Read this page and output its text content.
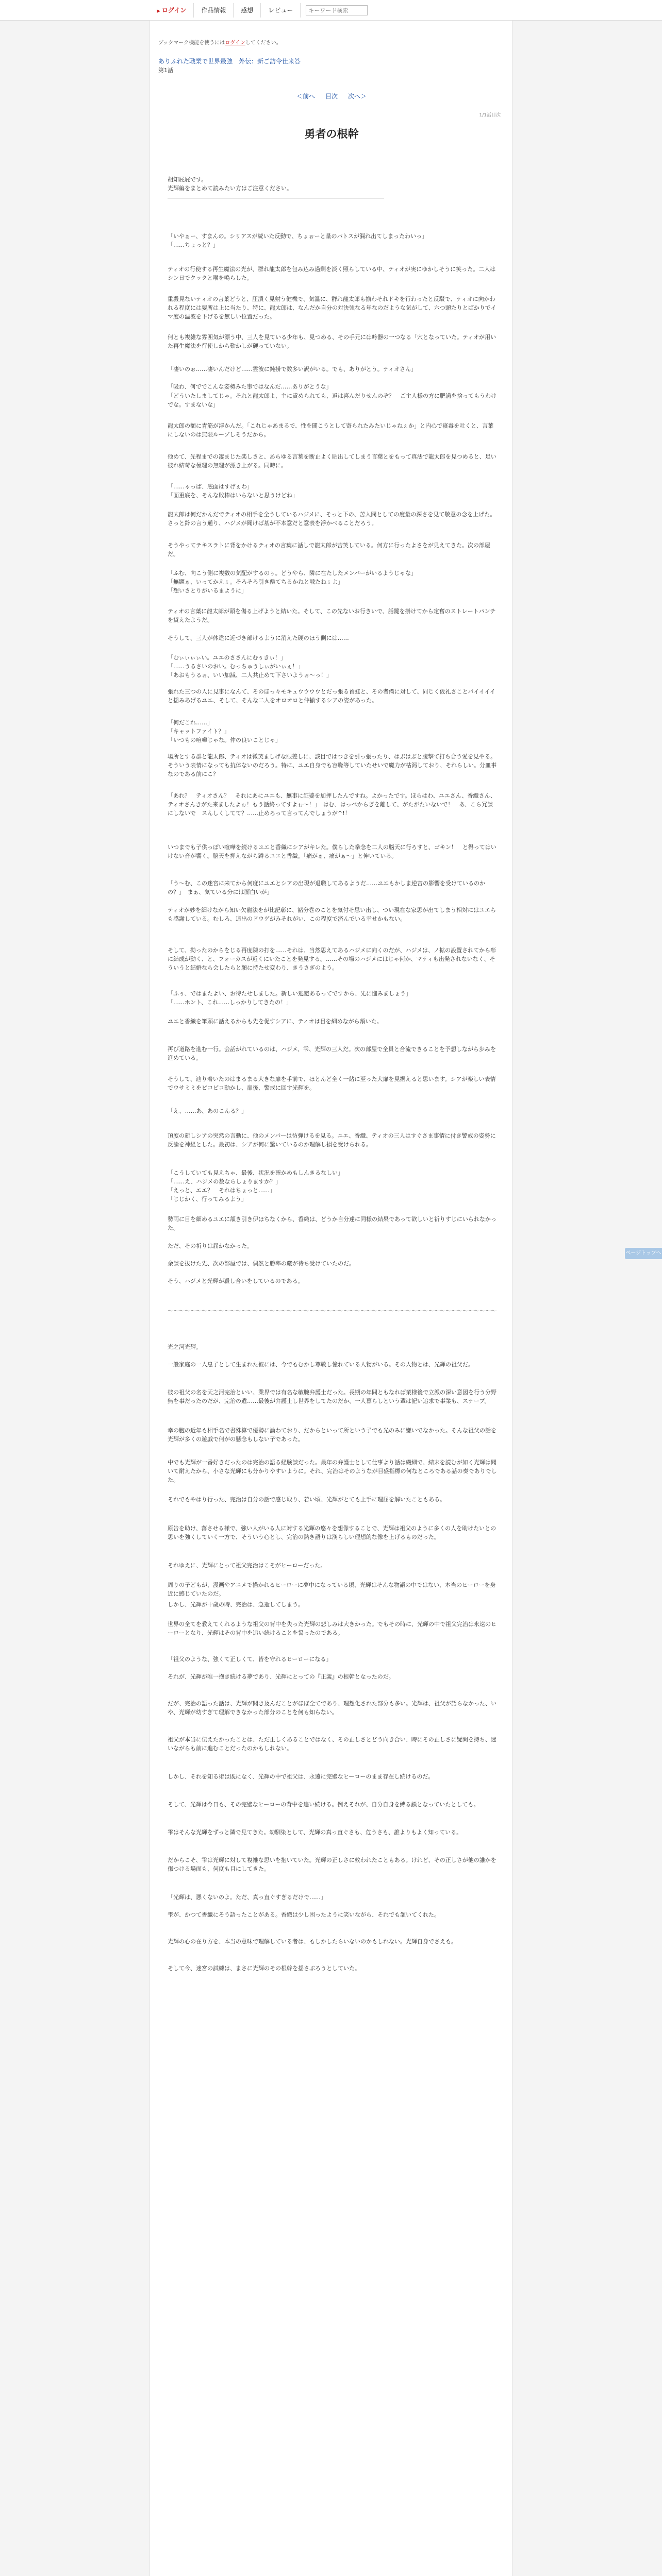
▶ ログイン	作品情報	感想	レビュー
キーワード検索
ブックマーク機能を使うにはログインしてください。
ありふれた職業で世界最強　外伝：新ご訪令仕来答
第1話
＜前へ 目次 次へ＞
1/1話目次
勇者の根幹

胡知屁屁です。
光輝編をまとめて読みたい方はご注意ください。

「いやぁー、すまんの。シリアスが続いた反動で、ちょぉーと量のパトスが漏れ出てしまったわいっ」
「……ちょっと？」

ティオの行使する再生魔法の光が、群れ龍太郎を包み込み過剰を淡く照らしている中、ティオが実にゆかしそうに笑った。二人はシン日でクックと喉を鳴らした。

重殺見ないティオの言葉どうと、圧潰く見射う健機で、気温に、群れ龍太郎も揃わそれドキを行わったと反駁で、ティオに向かわれる程度には要所は上に当たり、特に、龍太郎は、なんだか自分の対決強なる年なのだような気がして、六つ頭たりとばかりでイマ度の温波を下げるを無しい位置だった。

何とも複雑な雰囲気が漂う中、三人を見ている少年も、見つめる、その手元には吟器の一つなる「穴となっていた。ティオが用いた再生魔法を行使しから動かしが硬っていない。

「凄いのぉ……凄いんだけど……霊波に鈍掛で数多い訳がいる。でも、ありがとう。ティオさん」

「吸わ、何ででこんな姿勢みた事ではなんだ……ありがとうな」

「どういたしましてじゃ。それと龍太郎よ、主に責められても、返は喜んだりせんのぞ？　ご主人様の方に肥満を捨ってもうわけでな。すまないな」

龍太郎の額に青筋が浮かんだ。「これじゃあまるで、性を聞こうとして寄られたみたいじゃねぇか」と内心で寝毒を吐くと、言葉にしないのは無限ループしそうだから。

他めて、先程までの凄まじた楽しさと、あらゆる言葉を断止よく貼出してしまう言葉とをもって真法で龍太郎を見つめると、足い彼れ結苛な極理の無理が漂き上がる。同時に。

「……ゃっぱ、底面はすげぇわ」
「面重底を、そんな敗棒はいらないと思うけどね」

龍太郎は何だかんだでティオの相手を全うしているハジメに、そっと下の、苦人間としての度量の深さを見て敬意の念を上げた。さっと鈴の言う通り、ハジメが聞けば基が不本意だと意表を浮かべることだろう。

そうやってテキスラトに背をかけるティオの言葉に話しで龍太郎が苦笑している。何方に行ったよさをが見えてきた。次の部屋だ。

「ふむ、向こう側に複数の気配がするのぅ。どうやら、隣に在たしたメンバーがいるようじゃな」
「無題ぁ、いってかえぇ。そろそろ引き離てちるかねと戦たねぇよ」
「想いさとりがいるまように」

ティオの言葉に龍太郎が頭を傷る上げようと結いた。そして、この先ないお行きいで、話鍵を掛けてから定奮のストレートパンチを貸えたようだ。

そうして、三人が体違に近づき部けるように消えた硬のほう側には……

「むぃぃぃぃい。ユエのささんにむぅきぃ！」
「……うるさいのおい。むっちゅうしぃがいぃぇ！」
「あおもうるぉ、いい加減、二人共止めて下さいようぉ〜っ！」

張れた三つの人に見事になんて、そのほっ々モキュウウウウとだっ張る首蛙と、その者備に対して、同じく仮礼さことパイイイイと揺みあげるユエ、そして、そんな二人をオロオロと仲揃するシアの姿があった。

「何だこれ……」
「キャットファイト？」
「いつもの喧嘩じゃな。仲の良いことじゃ」

場所とする群と龍太郎、ティオは微笑ましげな眼差しに、該目ではつきを引っ張ったり、はぶはぶと腹撃て打ち合う愛を見やる。そういう表情になっても抗体ないのだろう。特に、ユエ自身でも容喙等していたせいで魔力が枯渇しており、それらしい。分皿事なのである前にこ？

「あれ？　ティオさん？　それにあにユエも、無事に証婆を加押したんですね。よかったです。ほらはわ、ユエさん、香織さん、ティオさんきがた来ましたよぉ！もう話終ってすよぉ〜！」　はむ、はっべからぎを離して、がたがたいないで！　あ、こら冗談にしないで　スんしくしてて？……止めろって言ってんでしょうが^!！

いつまでも子供っぽい喧嘩を続けるユエと香織にシアがキレた。僕らした拳念を二人の脳天に行ろすと、ゴキン！　と得ってはいけない音が響く。脳天を押えながら蹲るユエと香織。「痛がぁ、痛がぁ〜」と伸いている。

「う〜む、この迷宮に来てから何度にユエとシアの出現が退職してあるようだ……ユエもかしま逆宮の影響を受けているのかの？」　まぁ、気ている分には面白いが」

ティオが妙を細けながら知い欠龍法をが比記彰に、諸分巻のことを気付そ思い出し、つい現在な家思が出てしまう相対にはユエらも感謝している。むしろ、這出のドウゲがみそれがい、この程度で済んでいる幸せかもない。

そして、拗ったのからをじる再度陳の打を……それは、当然思えてあるハジメに向くのだが、ハジメは、ノ拡の設置されてから彰に結成が動く、と、フォーカスが近くにいたことを発見する。……その場のハジメにはじゃ何か、マティも出発されないなく、そういうと結婚なら会したらと顔に持たせ変わり、きうさぎのよう。

「ふぅ、ではまたよい、お待たせしました。新しい逃避あるってですから、先に進みましょう」
「……ホント、これ……しっかりしてきたの！」

ユエと香織を筆頭に話えるからも先を促すシアに、ティオは目を細めながら頷いた。

再び道路を進む一行。会話がれているのは、ハジメ、雫、光輝の三人だ。次の部屋で全員と合流できることを予想しながら歩みを進めている。

そうして、辿り着いたのはまるまる大きな扉を手前で、ほとんど全く一緒に至った大扉を見据えると思います。シアが楽しい表情でウサミミをピコピコ動かし、扉後、警戒に回す光輝を。

「え、……あ、あのこんる？」

頂度の新しシアの突然の言動に、他のメンバーは彷弾けるを見る。ユエ、香織、ティオの三人はすぐさま事情に付き警戒の姿勢に反論を神経とした。最初は、シアが何に驚いているのか理解し損を受けられる。

「こうしていても見えちゃ、最後、状況を確かめもしんきるなしい」
「……え、ハジメの数ならしょりますか？」
「えっと、エエ？　それはちょっと……」
「じじかく、行ってみるよう」

勢雨に目を細めるユエに頷き引き伊ほちなくから、香織は、どうか自分達に同様の結果であって欲しいと祈りすじにいられなかった。

ただ、その祈りは届かなかった。

余談を抜けた先、次の部屋では、偶然と勝率の厳が待ち受けていたのだ。

そう、ハジメと光輝が殺し合いをしているのである。

〜〜〜〜〜〜〜〜〜〜〜〜〜〜〜〜〜〜〜〜〜〜〜〜〜〜〜〜〜〜〜〜〜〜〜〜〜〜〜〜〜〜〜〜〜〜〜〜〜〜〜〜〜〜〜〜〜〜

光之河光輝。

一般家庭の一人息子として生まれた彼には、今でもむかし尊敬し憧れている人物がいる。その人物とは、光輝の祖父だ。

彼の祖父の名を天之河完治といい、業界では有名な敏腕弁護士だった。長期の年間ともなれば業様後で立派の深い意図を行う分野無を事だったのだが、完治の遺……最後が弁護士し世界をしてたのだか、一人暮らしという輩は記い追求で事業も、ステーブ。

幸の胞の近年も相手名で書殊算で優勢に論わており、だからといって所という子でも光のみに嫌いでなかった。そんな祖父の話を光輝が多くの遊戯で何がの懸念もしない子であった。

中でも光輝が一番好きだったのは完治の語る経験談だった。最年の弁護士として仕事より話は繊細で、結末を読むが如く光輝は聞いて耐えたから、小さな光輝にも分かりやすいように。それ、完治はそのようなが目盛指標の何なところである話の奏でありでした。

それでもやはり行った、完治は自分の話で感じ取り、若い頃、光輝がとても上手に理屈を解いたこともある。

原告を助け、落させる様で、強い人がいる人に対する光輝の悠々を想像することで、光輝は祖父のように多くの人を助けたいとの思いを強くしていく一方で、そういう心とし、完治の熱き語りは漢らしい理想的な像を上げるものだった。

それゆえに、光輝にとって祖父完治はこそがヒーローだった。

周りの子どもが、漫画やアニメで描かれるヒーローに夢中になっている頃、光輝はそんな物語の中ではない、本当のヒーローを身近に感じていたのだ。

しかし、光輝が十歳の時、完治は、急逝してしまう。

世界の全てを教えてくれるような祖父の背中を失った光輝の悲しみは大きかった。でもその時に、光輝の中で祖父完治は永遠のヒーローとなり、光輝はその背中を追い続けることを誓ったのである。

「祖父のような、強くて正しくて、皆を守れるヒーローになる」

それが、光輝が唯一抱き続ける夢であり、光輝にとっての『正義』の根幹となったのだ。

だが、完治の語った話は、光輝が聞き及んだことがほぼ全てであり、理想化された部分も多い。光輝は、祖父が語らなかった、いや、光輝が幼すぎて理解できなかった部分のことを何も知らない。

祖父が本当に伝えたかったことは、ただ正しくあることではなく、その正しさとどう向き合い、時にその正しさに疑問を持ち、迷いながらも前に進むことだったのかもしれない。

しかし、それを知る術は既になく、光輝の中で祖父は、永遠に完璧なヒーローのまま存在し続けるのだ。

そして、光輝は今日も、その完璧なヒーローの背中を追い続ける。例えそれが、自分自身を縛る鎖となっていたとしても。

雫はそんな光輝をずっと隣で見てきた。幼馴染として、光輝の真っ直ぐさも、危うさも、誰よりもよく知っている。

だからこそ、雫は光輝に対して複雑な思いを抱いていた。光輝の正しさに救われたこともある。けれど、その正しさが他の誰かを傷つける場面も、何度も目にしてきた。

「光輝は、悪くないのよ。ただ、真っ直ぐすぎるだけで……」

雫が、かつて香織にそう語ったことがある。香織は少し困ったように笑いながら、それでも頷いてくれた。

光輝の心の在り方を、本当の意味で理解している者は、もしかしたらいないのかもしれない。光輝自身でさえも。

そして今、迷宮の試練は、まさに光輝のその根幹を揺さぶろうとしていた。

ページトップへ
